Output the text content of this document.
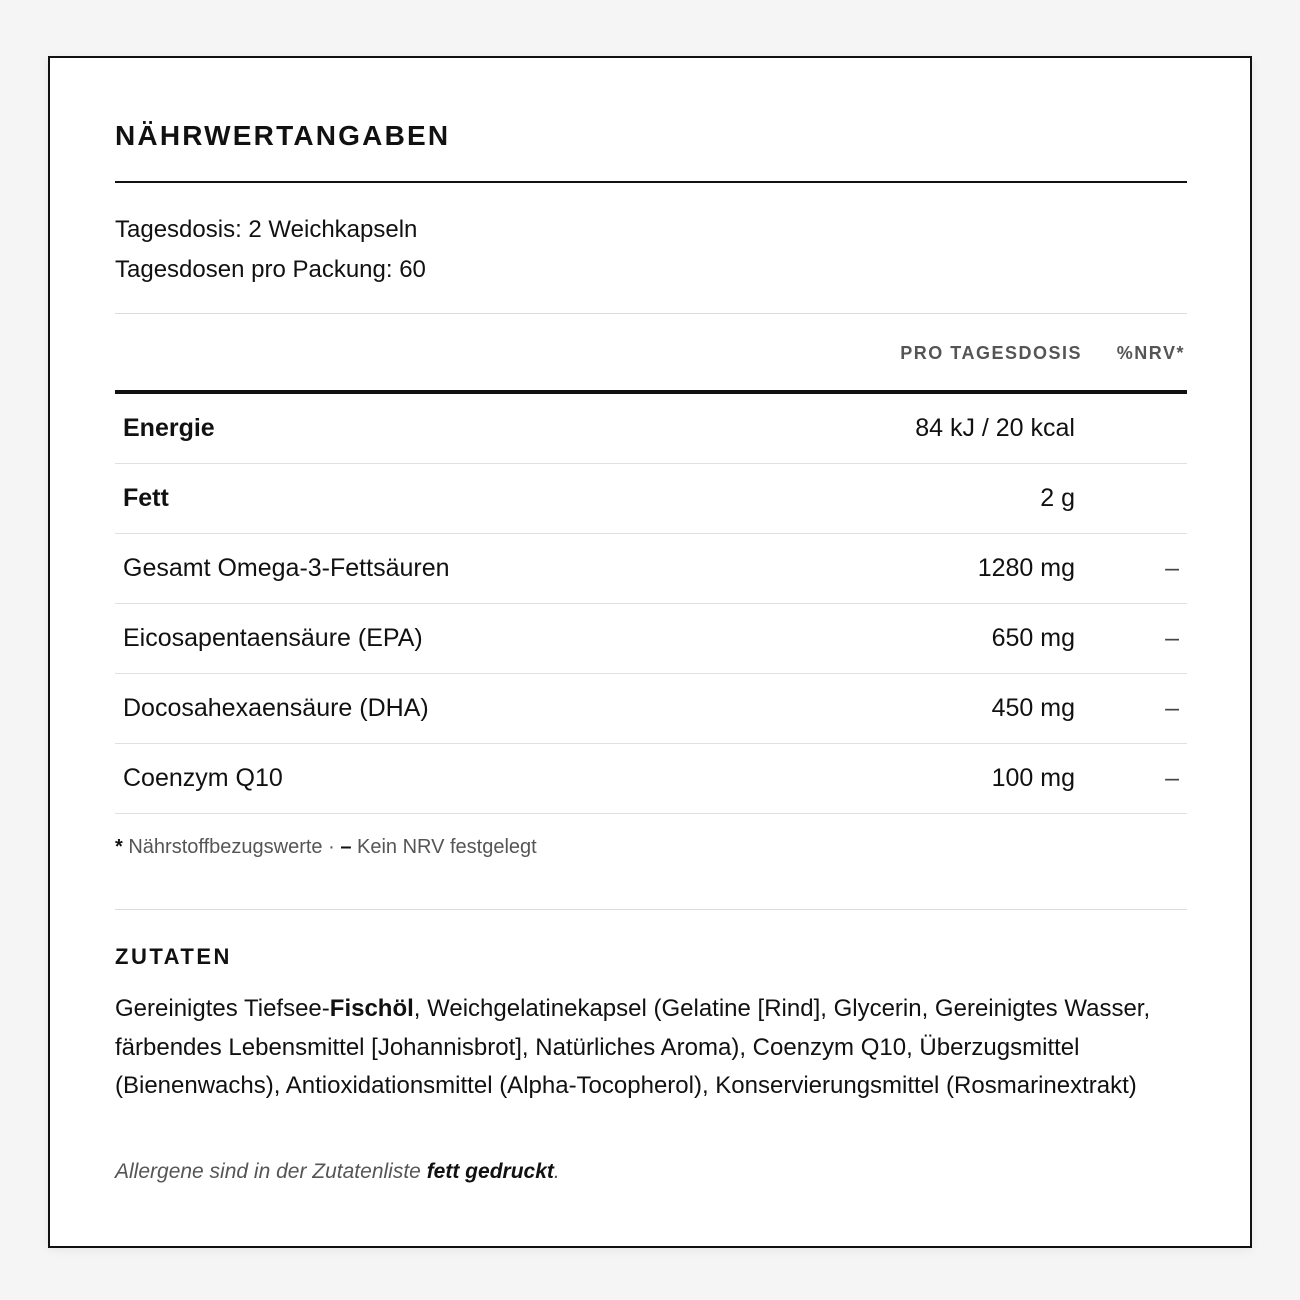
NÄHRWERTANGABEN
Tagesdosis: 2 Weichkapseln
Tagesdosen pro Packung: 60
PRO TAGESDOSIS %NRV*
Energie	84 kJ / 20 kcal
Fett	2 g
Gesamt Omega-3-Fettsäuren	1280 mg	–
Eicosapentaensäure (EPA)	650 mg	–
Docosahexaensäure (DHA)	450 mg	–
Coenzym Q10	100 mg	–
* Nährstoffbezugswerte · – Kein NRV festgelegt
ZUTATEN

Gereinigtes Tiefsee-Fischöl, Weichgelatinekapsel (Gelatine [Rind], Glycerin, Gereinigtes Wasser, färbendes Lebensmittel [Johannisbrot], Natürliches Aroma), Coenzym Q10, Überzugsmittel (Bienenwachs), Antioxidationsmittel (Alpha-Tocopherol), Konservierungsmittel (Rosmarinextrakt)

Allergene sind in der Zutatenliste fett gedruckt.
